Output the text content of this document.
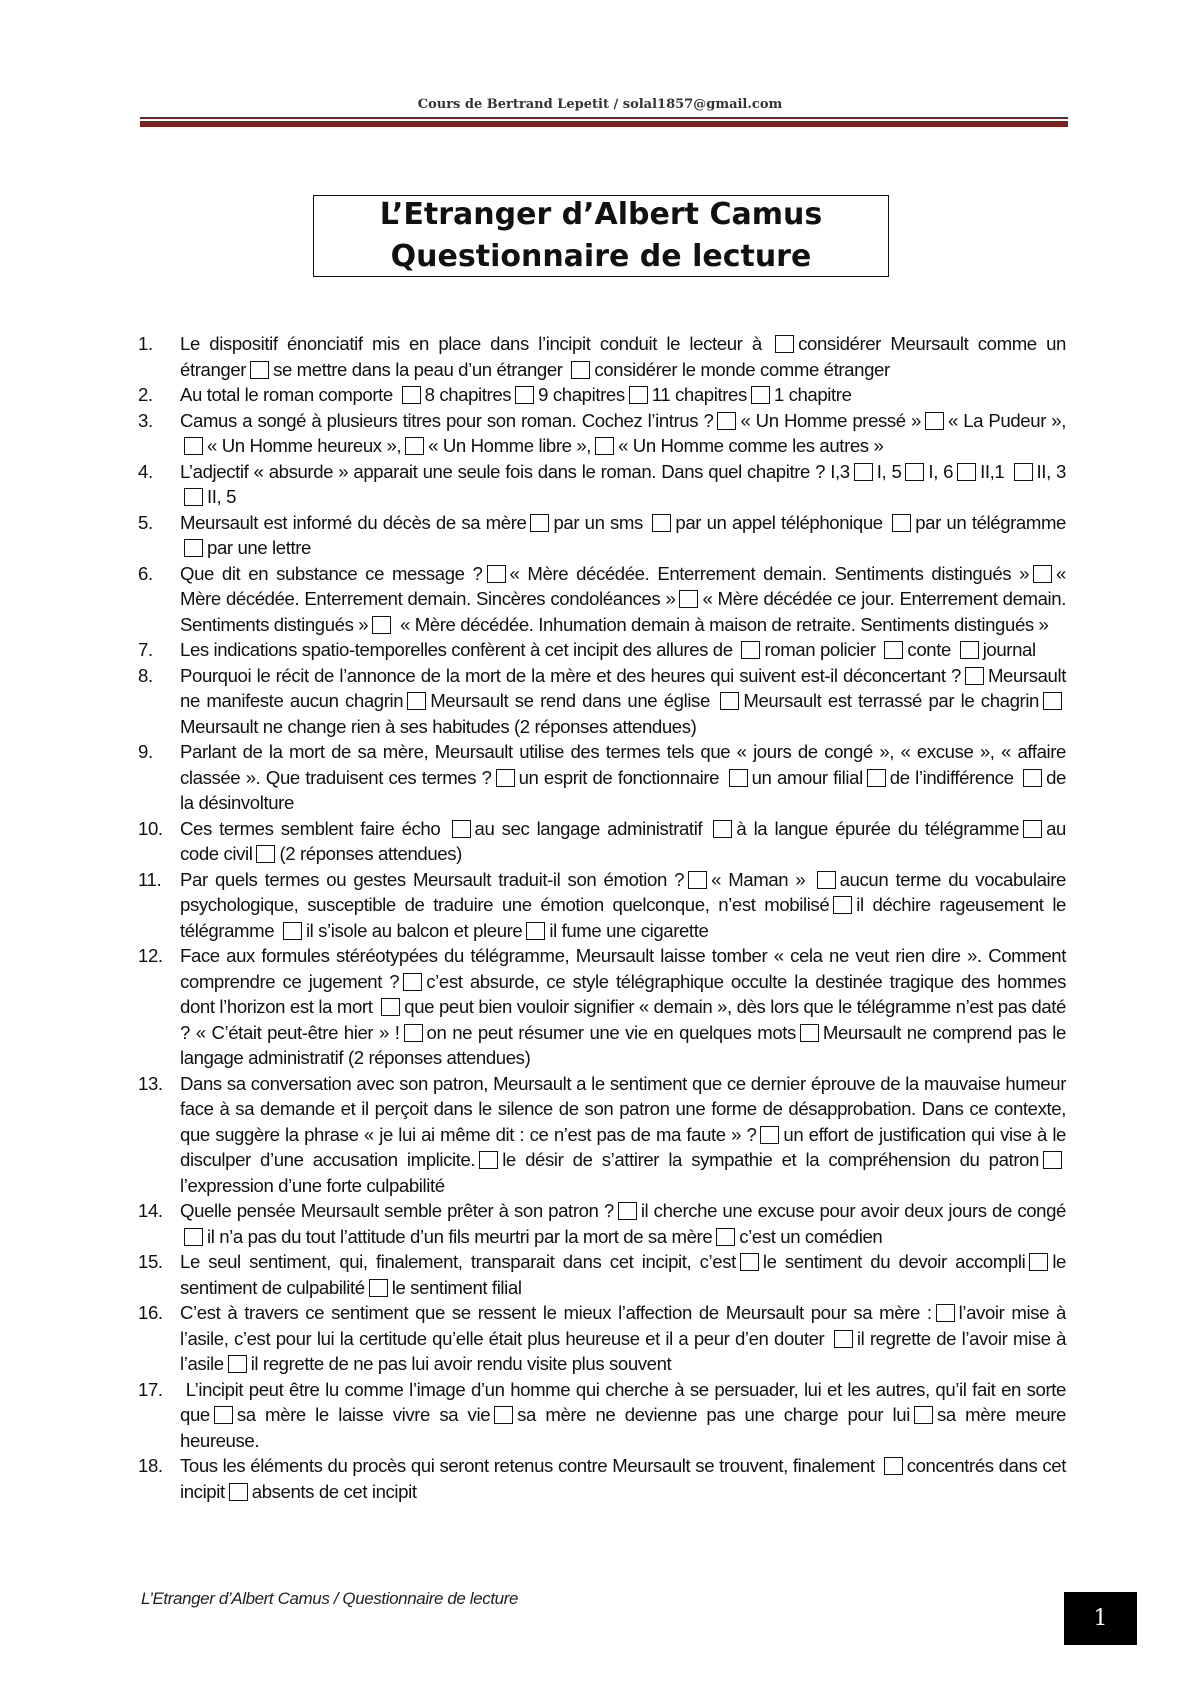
Cours de Bertrand Lepetit / solal1857@gmail.com
L’Etranger d’Albert Camus
Questionnaire de lecture
1.	Le dispositif énonciatif mis en place dans l’incipit conduit le lecteur à considérer Meursault comme un étranger se mettre dans la peau d’un étranger considérer le monde comme étranger
2.	Au total le roman comporte 8 chapitres 9 chapitres 11 chapitres 1 chapitre
3.	Camus a songé à plusieurs titres pour son roman. Cochez l’intrus ? « Un Homme pressé » « La Pudeur »,« Un Homme heureux », « Un Homme libre », « Un Homme comme les autres »
4.	L’adjectif « absurde » apparait une seule fois dans le roman. Dans quel chapitre ? I,3 I, 5 I, 6 II,1 II, 3II, 5
5.	Meursault est informé du décès de sa mère par un sms par un appel téléphonique par un télégrammepar une lettre
6.	Que dit en substance ce message ? « Mère décédée. Enterrement demain. Sentiments distingués » « Mère décédée. Enterrement demain. Sincères condoléances » « Mère décédée ce jour. Enterrement demain. Sentiments distingués » « Mère décédée. Inhumation demain à maison de retraite. Sentiments distingués »
7.	Les indications spatio-temporelles confèrent à cet incipit des allures de roman policier conte journal
8.	Pourquoi le récit de l’annonce de la mort de la mère et des heures qui suivent est-il déconcertant ? Meursault ne manifeste aucun chagrin Meursault se rend dans une église Meursault est terrassé par le chagrinMeursault ne change rien à ses habitudes (2 réponses attendues)
9.	Parlant de la mort de sa mère, Meursault utilise des termes tels que « jours de congé », « excuse », « affaire classée ». Que traduisent ces termes ? un esprit de fonctionnaire un amour filial de l’indifférence de la désinvolture
10. Ces termes semblent faire écho au sec langage administratif à la langue épurée du télégramme au code civil (2 réponses attendues)
11.	Par quels termes ou gestes Meursault traduit-il son émotion ? « Maman » aucun terme du vocabulaire psychologique, susceptible de traduire une émotion quelconque, n’est mobilisé il déchire rageusement le télégramme il s’isole au balcon et pleure il fume une cigarette
12. Face aux formules stéréotypées du télégramme, Meursault laisse tomber « cela ne veut rien dire ». Comment comprendre ce jugement ? c’est absurde, ce style télégraphique occulte la destinée tragique des hommes dont l’horizon est la mort que peut bien vouloir signifier « demain », dès lors que le télégramme n’est pas daté ? « C’était peut-être hier » ! on ne peut résumer une vie en quelques mots Meursault ne comprend pas le langage administratif (2 réponses attendues)
13. Dans sa conversation avec son patron, Meursault a le sentiment que ce dernier éprouve de la mauvaise humeur face à sa demande et il perçoit dans le silence de son patron une forme de désapprobation. Dans ce contexte, que suggère la phrase « je lui ai même dit : ce n’est pas de ma faute » ? un effort de justification qui vise à le disculper d’une accusation implicite. le désir de s’attirer la sympathie et la compréhension du patronl’expression d’une forte culpabilité
14. Quelle pensée Meursault semble prêter à son patron ? il cherche une excuse pour avoir deux jours de congé il n’a pas du tout l’attitude d’un fils meurtri par la mort de sa mère c’est un comédien
15. Le seul sentiment, qui, finalement, transparait dans cet incipit, c’est le sentiment du devoir accompli le sentiment de culpabilité le sentiment filial
16. C’est à travers ce sentiment que se ressent le mieux l’affection de Meursault pour sa mère : l’avoir mise à l’asile, c’est pour lui la certitude qu’elle était plus heureuse et il a peur d’en douter il regrette de l’avoir mise à l’asile il regrette de ne pas lui avoir rendu visite plus souvent
17. L’incipit peut être lu comme l’image d’un homme qui cherche à se persuader, lui et les autres, qu’il fait en sorte que sa mère le laisse vivre sa vie sa mère ne devienne pas une charge pour lui sa mère meure heureuse.
18. Tous les éléments du procès qui seront retenus contre Meursault se trouvent, finalement concentrés dans cet incipit absents de cet incipit
L’Etranger d’Albert Camus / Questionnaire de lecture
1
